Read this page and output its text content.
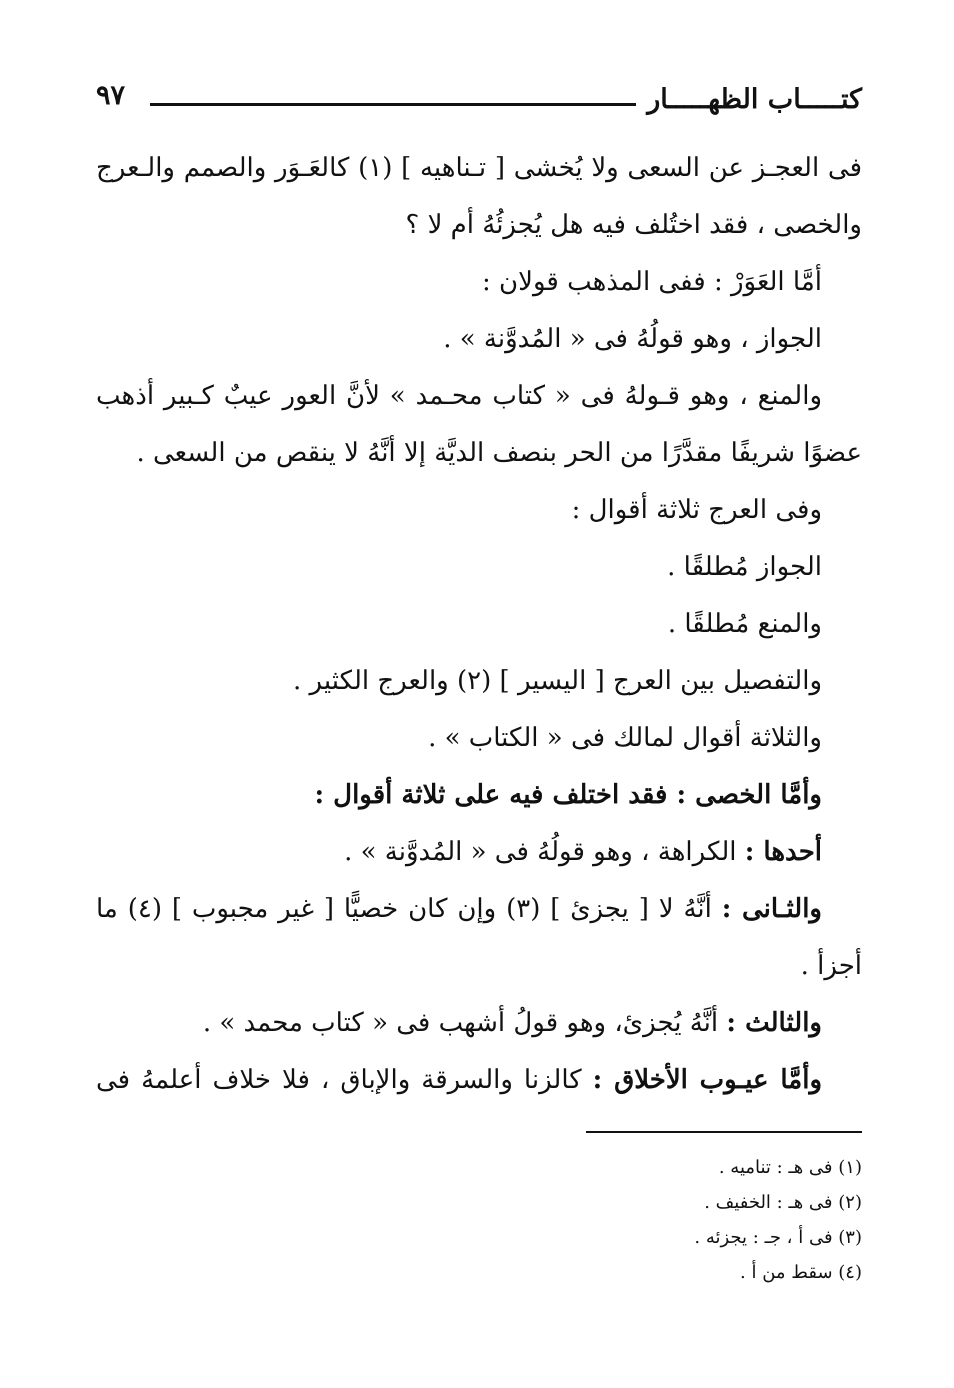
كتـــــاب الظهـــــار
٩٧
فى العجـز عن السعى ولا يُخشى [ تـناهيه ] (١) كالعَـوَر والصمم والـعرج
والخصى ، فقد اختُلف فيه هل يُجزئُهُ أم لا ؟
أمَّا العَوَرْ : ففى المذهب قولان :
الجواز ، وهو قولُهُ فى « المُدوَّنة » .
والمنع ، وهو قـولهُ فى « كتاب محـمد » لأنَّ العور عيبٌ كـبير أذهب
عضوًا شريفًا مقدَّرًا من الحر بنصف الديَّة إلا أنَّهُ لا ينقص من السعى .
وفى العرج ثلاثة أقوال :
الجواز مُطلقًا .
والمنع مُطلقًا .
والتفصيل بين العرج [ اليسير ] (٢) والعرج الكثير .
والثلاثة أقوال لمالك فى « الكتاب » .
وأمَّا الخصى : فقد اختلف فيه على ثلاثة أقوال :
أحدها : الكراهة ، وهو قولُهُ فى « المُدوَّنة » .
والثـانى : أنَّهُ لا [ يجزئ ] (٣) وإن كان خصيًّا [ غير مجبوب ] (٤) ما
أجزأ .
والثالث : أنَّهُ يُجزئ، وهو قولُ أشهب فى « كتاب محمد » .
وأمَّا عيـوب الأخلاق : كالزنا والسرقة والإباق ، فلا خلاف أعلمهُ فى
(١) فى هـ : تناميه .
(٢) فى هـ : الخفيف .
(٣) فى أ ، جـ : يجزئه .
(٤) سقط من أ .
